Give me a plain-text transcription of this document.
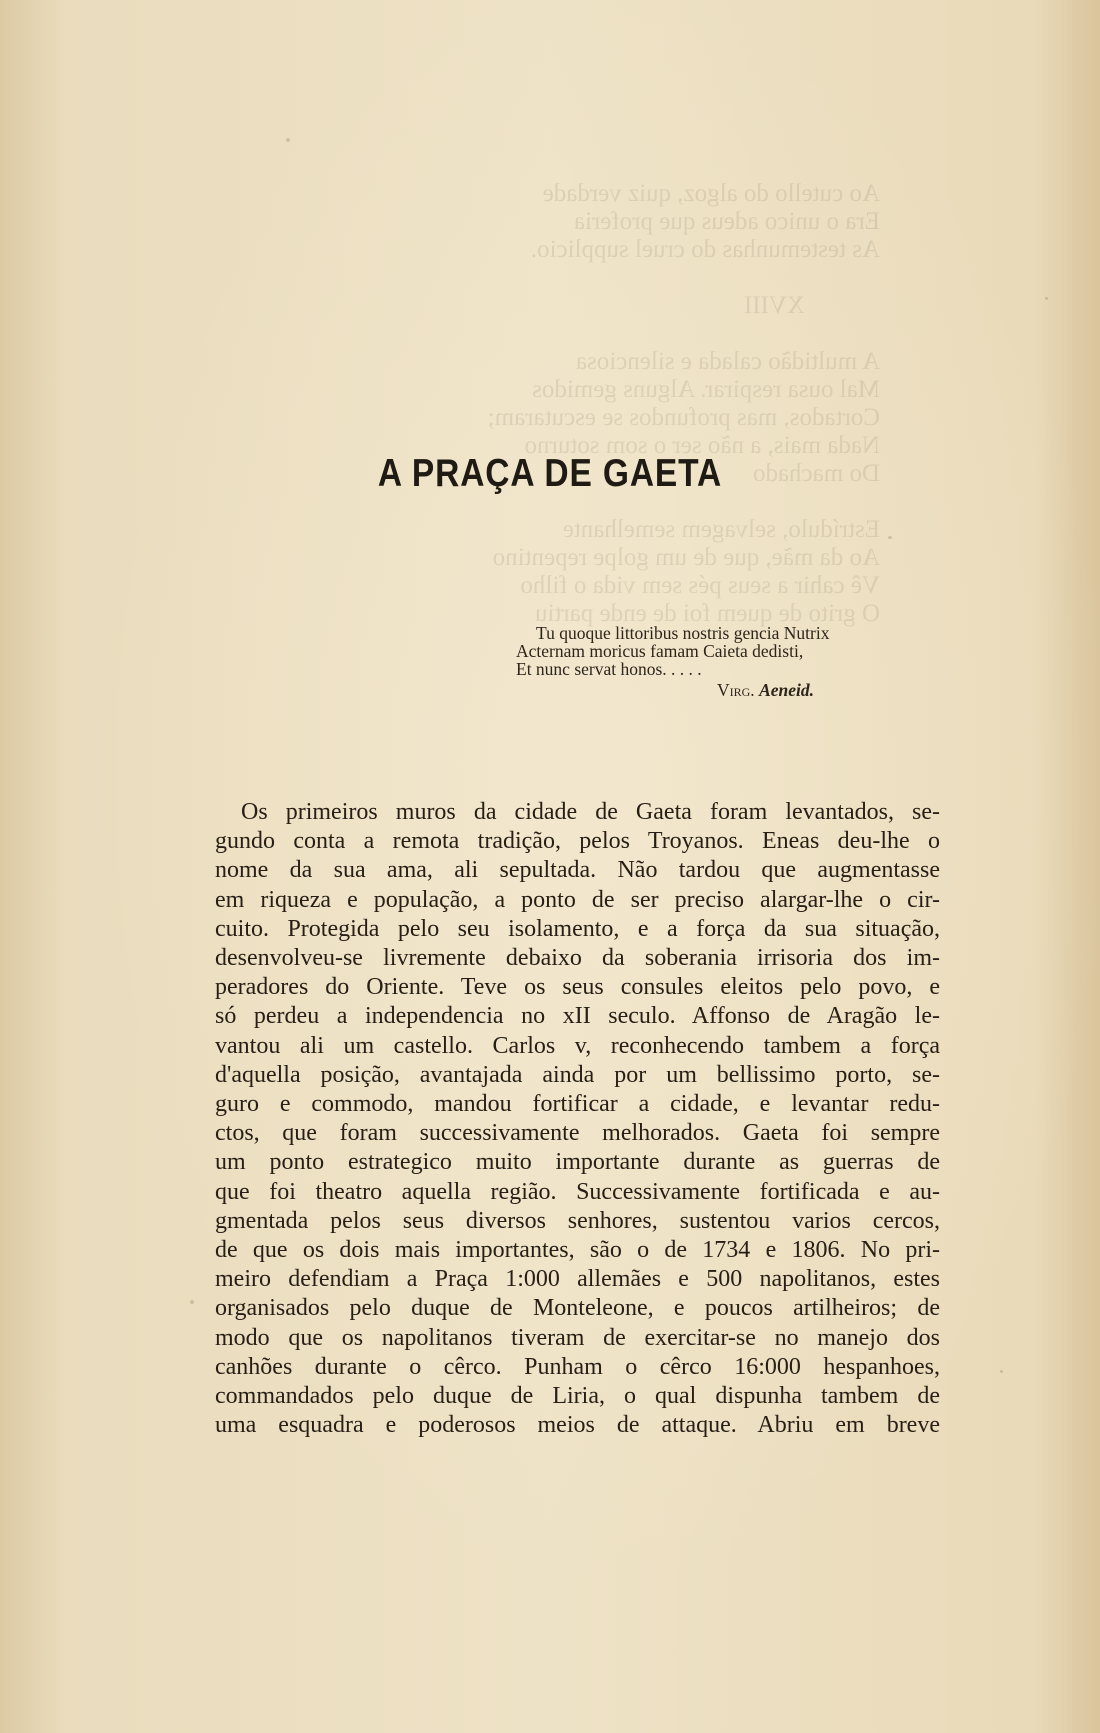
Ao cutello do algoz, quiz verdade
Era o unico adeus que proferia
As testemunhas do cruel supplicio.

XVIII

A multidão calada e silenciosa
Mal ousa respirar. Alguns gemidos
Cortados, mas profundos se escutaram;
Nada mais, a não ser o som soturno
Do machado

Estrídulo, selvagem semelhante
Ao da mãe, que de um golpe repentino
Vê cahir a seus pés sem vida o filho
O grito de quem foi de ende partiu
A PRAÇA DE GAETA
Tu quoque littoribus nostris gencia Nutrix
Acternam moricus famam Caieta dedisti,
Et nunc servat honos. . . . .
Virg. Aeneid.
Os primeiros muros da cidade de Gaeta foram levantados, se-
gundo conta a remota tradição, pelos Troyanos. Eneas deu-lhe o
nome da sua ama, ali sepultada. Não tardou que augmentasse
em riqueza e população, a ponto de ser preciso alargar-lhe o cir-
cuito. Protegida pelo seu isolamento, e a força da sua situação,
desenvolveu-se livremente debaixo da soberania irrisoria dos im-
peradores do Oriente. Teve os seus consules eleitos pelo povo, e
só perdeu a independencia no xII seculo. Affonso de Aragão le-
vantou ali um castello. Carlos v, reconhecendo tambem a força
d'aquella posição, avantajada ainda por um bellissimo porto, se-
guro e commodo, mandou fortificar a cidade, e levantar redu-
ctos, que foram successivamente melhorados. Gaeta foi sempre
um ponto estrategico muito importante durante as guerras de
que foi theatro aquella região. Successivamente fortificada e au-
gmentada pelos seus diversos senhores, sustentou varios cercos,
de que os dois mais importantes, são o de 1734 e 1806. No pri-
meiro defendiam a Praça 1:000 allemães e 500 napolitanos, estes
organisados pelo duque de Monteleone, e poucos artilheiros; de
modo que os napolitanos tiveram de exercitar-se no manejo dos
canhões durante o cêrco. Punham o cêrco 16:000 hespanhoes,
commandados pelo duque de Liria, o qual dispunha tambem de
uma esquadra e poderosos meios de attaque. Abriu em breve
